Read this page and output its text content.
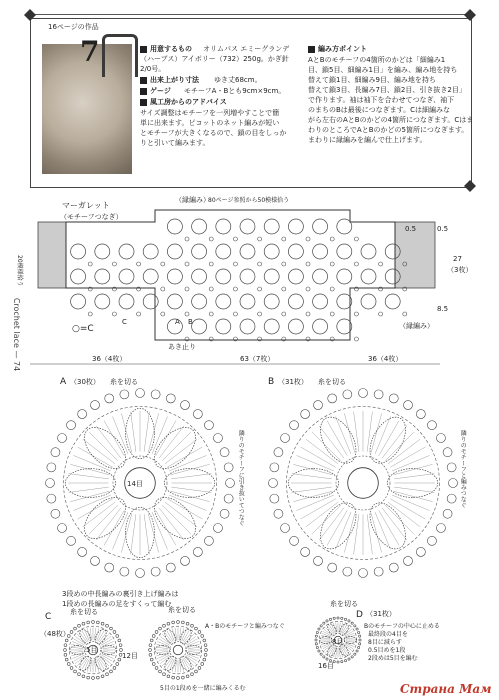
16ページの作品
7	用意するもの オリムパス エミーグランデ
（ハーブス）アイボリー（732）250g。かぎ針
2/0号。
出来上がり寸法 ゆき丈68cm。
ゲージ モチーフA・Bとも9cm×9cm。
風工房からのアドバイス
サイズ調整はモチーフを一列増やすことで簡
単に出来ます。ピコットのネット編みが短い
とモチーフが大きくなるので、鎖の目をしっか
りと引いて編みます。
編み方ポイント
AとBのモチーフの4箇所のかどは「細編み1
目、鎖5目、細編み1目」を編み、編み地を持ち
替えて鎖1目、細編み9目、編み地を持ち
替えて鎖3目、長編み7目、鎖2目、引き抜き2目」
で作ります。袖は袖下を合わせてつなぎ、袖下
のまちのBは最後につなぎます。Cは細編みな
がら左右のAとBのかどの4箇所につなぎます。Cはま
わりのところでAとBのかどの5箇所につなぎます。
まわりに縁編みを編んで仕上げます。
Crochet lace — 74
マーガレット
（モチーフつなぎ）
（縁編み）
80ページ参照から50模様拾う
（縁編み）
20模様拾う
○=C
A B
C
0.5	0.5
8.5
あき止り
36（4枚）	63（7枚）	36（4枚）
27
（3枚）
A （30枚） 糸を切る
14目	隣りのモチーフに引き抜いてつなぐ
3段めの中長編みの裏引き上げ編みは
1段めの長編みの足をすくって編む
B （31枚） 糸を切る
隣りのモチーフと編みつなぐ
C
（48枚）
糸を切る
5目
12目
糸を切る
A・Bのモチーフと編みつなぐ
5目の1段めを一緒に編みくるむ
D （31枚）
糸を切る
8目
16目
Bのモチーフの中心に止める
最終段の4目を
8目に減らす
0.5目めを1段
2段めは5目を編む
Страна Мам
